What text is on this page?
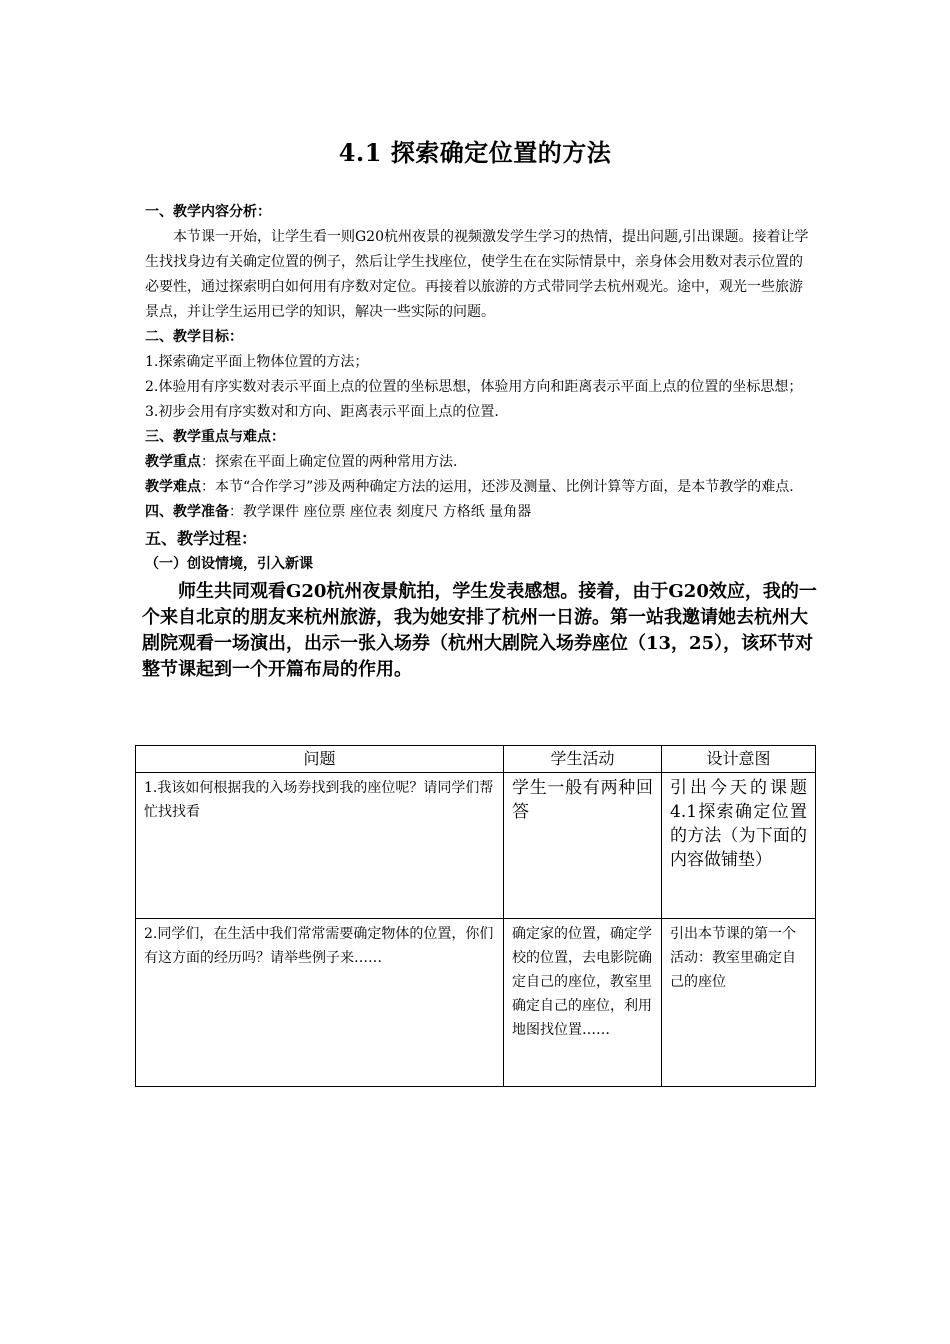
4.1 探索确定位置的方法
一、教学内容分析：

本节课一开始，让学生看一则G20杭州夜景的视频激发学生学习的热情，提出问题,引出课题。接着让学生找找身边有关确定位置的例子，然后让学生找座位，使学生在在实际情景中，亲身体会用数对表示位置的必要性，通过探索明白如何用有序数对定位。再接着以旅游的方式带同学去杭州观光。途中，观光一些旅游景点，并让学生运用已学的知识，解决一些实际的问题。

二、教学目标：

1.探索确定平面上物体位置的方法；

2.体验用有序实数对表示平面上点的位置的坐标思想，体验用方向和距离表示平面上点的位置的坐标思想；

3.初步会用有序实数对和方向、距离表示平面上点的位置.

三、教学重点与难点：

教学重点：探索在平面上确定位置的两种常用方法.

教学难点：本节“合作学习”涉及两种确定方法的运用，还涉及测量、比例计算等方面，是本节教学的难点.

四、教学准备：教学课件 座位票 座位表 刻度尺 方格纸 量角器

五、教学过程：
（一）创设情境，引入新课

师生共同观看G20杭州夜景航拍，学生发表感想。接着，由于G20效应，我的一个来自北京的朋友来杭州旅游，我为她安排了杭州一日游。第一站我邀请她去杭州大剧院观看一场演出，出示一张入场券（杭州大剧院入场券座位（13，25），该环节对整节课起到一个开篇布局的作用。

问题	学生活动	设计意图
1.我该如何根据我的入场券找到我的座位呢？请同学们帮忙找找看	学生一般有两种回答	引出今天的课题4.1探索确定位置的方法（为下面的内容做铺垫）
2.同学们，在生活中我们常常需要确定物体的位置，你们有这方面的经历吗？请举些例子来……	确定家的位置，确定学校的位置，去电影院确定自己的座位，教室里确定自己的座位，利用地图找位置……	引出本节课的第一个活动：教室里确定自己的座位
